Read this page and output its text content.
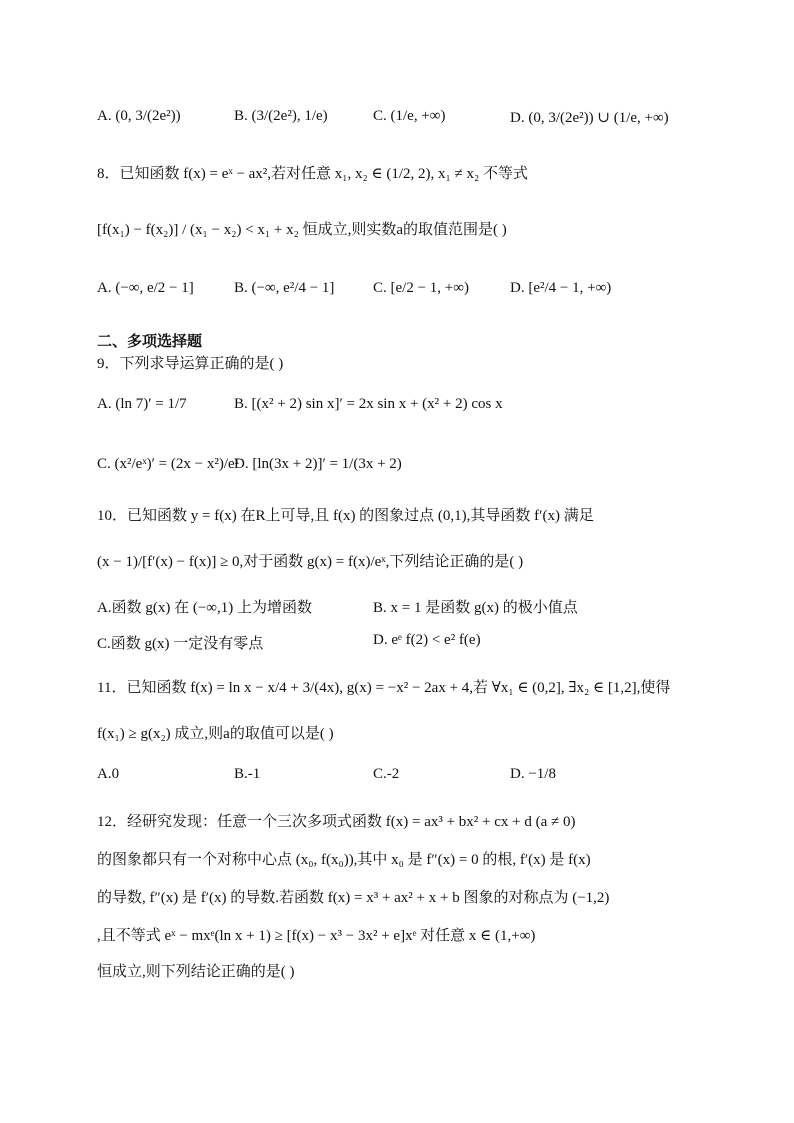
A. (0, 3/(2e²))	B. (3/(2e²), 1/e)	C. (1/e, +∞)	D. (0, 3/(2e²)) ∪ (1/e, +∞)
8．已知函数 f(x) = eˣ − ax²,若对任意 x₁, x₂ ∈ (1/2, 2), x₁ ≠ x₂ 不等式
[f(x₁) − f(x₂)] / (x₁ − x₂) < x₁ + x₂ 恒成立,则实数a的取值范围是( )
A. (−∞, e/2 − 1]	B. (−∞, e²/4 − 1]	C. [e/2 − 1, +∞)	D. [e²/4 − 1, +∞)
二、多项选择题
9．下列求导运算正确的是( )
A. (ln 7)′ = 1/7	B. [(x² + 2) sin x]′ = 2x sin x + (x² + 2) cos x
C. (x²/eˣ)′ = (2x − x²)/eˣ
D. [ln(3x + 2)]′ = 1/(3x + 2)
10．已知函数 y = f(x) 在R上可导,且 f(x) 的图象过点 (0,1),其导函数 f′(x) 满足
(x − 1)/[f′(x) − f(x)] ≥ 0,对于函数 g(x) = f(x)/eˣ,下列结论正确的是( )
A.函数 g(x) 在 (−∞,1) 上为增函数	B. x = 1 是函数 g(x) 的极小值点
C.函数 g(x) 一定没有零点	D. eᵉ f(2) < e² f(e)
11．已知函数 f(x) = ln x − x/4 + 3/(4x), g(x) = −x² − 2ax + 4,若 ∀x₁ ∈ (0,2], ∃x₂ ∈ [1,2],使得
f(x₁) ≥ g(x₂) 成立,则a的取值可以是( )
A.0	B.-1	C.-2	D. −1/8
12．经研究发现：任意一个三次多项式函数 f(x) = ax³ + bx² + cx + d (a ≠ 0)
的图象都只有一个对称中心点 (x₀, f(x₀)),其中 x₀ 是 f″(x) = 0 的根, f′(x) 是 f(x)
的导数, f″(x) 是 f′(x) 的导数.若函数 f(x) = x³ + ax² + x + b 图象的对称点为 (−1,2)
,且不等式 eˣ − mxᵉ(ln x + 1) ≥ [f(x) − x³ − 3x² + e]xᵉ 对任意 x ∈ (1,+∞)
恒成立,则下列结论正确的是( )
